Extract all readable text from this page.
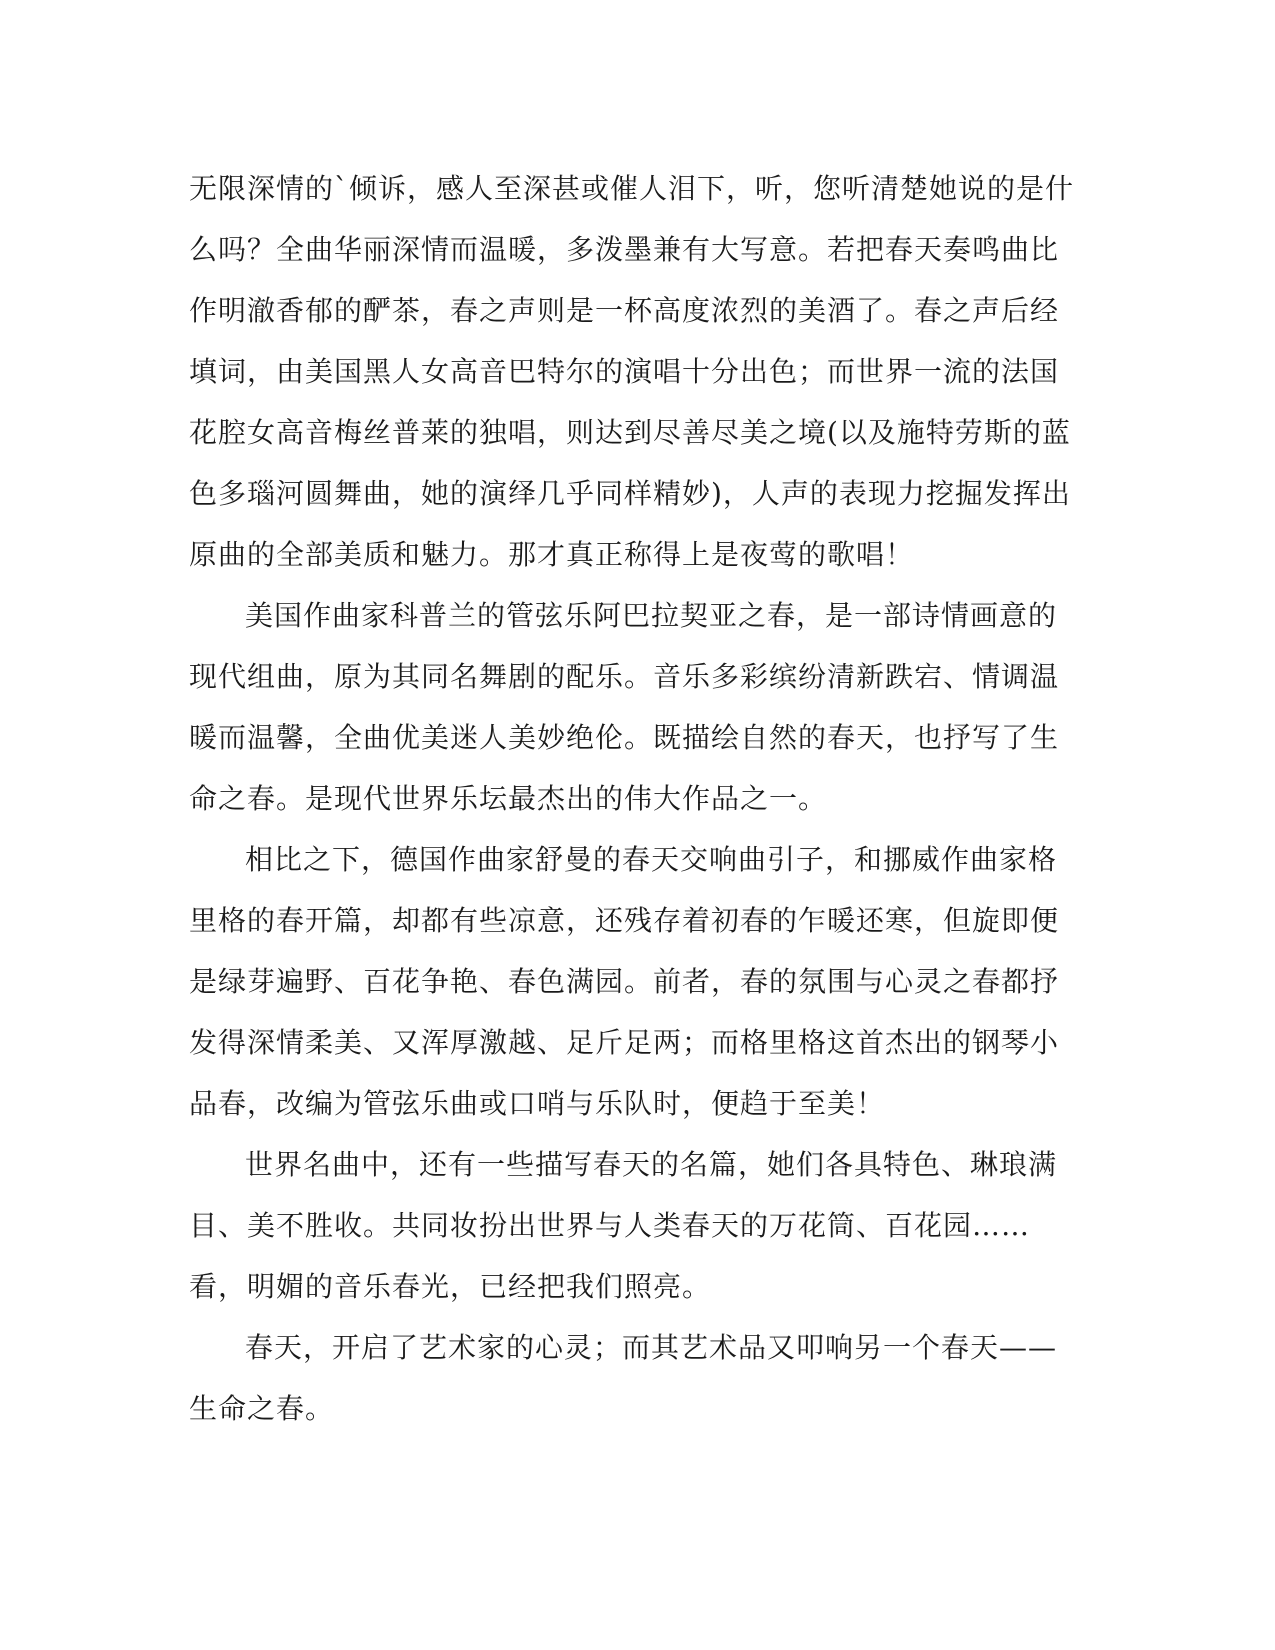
无限深情的`倾诉，感人至深甚或催人泪下，听，您听清楚她说的是什么吗？全曲华丽深情而温暖，多泼墨兼有大写意。若把春天奏鸣曲比作明澈香郁的酽茶，春之声则是一杯高度浓烈的美酒了。春之声后经填词，由美国黑人女高音巴特尔的演唱十分出色；而世界一流的法国花腔女高音梅丝普莱的独唱，则达到尽善尽美之境(以及施特劳斯的蓝色多瑙河圆舞曲，她的演绎几乎同样精妙)，人声的表现力挖掘发挥出原曲的全部美质和魅力。那才真正称得上是夜莺的歌唱！

美国作曲家科普兰的管弦乐阿巴拉契亚之春，是一部诗情画意的现代组曲，原为其同名舞剧的配乐。音乐多彩缤纷清新跌宕、情调温暖而温馨，全曲优美迷人美妙绝伦。既描绘自然的春天，也抒写了生命之春。是现代世界乐坛最杰出的伟大作品之一。

相比之下，德国作曲家舒曼的春天交响曲引子，和挪威作曲家格里格的春开篇，却都有些凉意，还残存着初春的乍暖还寒，但旋即便是绿芽遍野、百花争艳、春色满园。前者，春的氛围与心灵之春都抒发得深情柔美、又浑厚激越、足斤足两；而格里格这首杰出的钢琴小品春，改编为管弦乐曲或口哨与乐队时，便趋于至美！

世界名曲中，还有一些描写春天的名篇，她们各具特色、琳琅满目、美不胜收。共同妆扮出世界与人类春天的万花筒、百花园……看，明媚的音乐春光，已经把我们照亮。

春天，开启了艺术家的心灵；而其艺术品又叩响另一个春天——生命之春。
